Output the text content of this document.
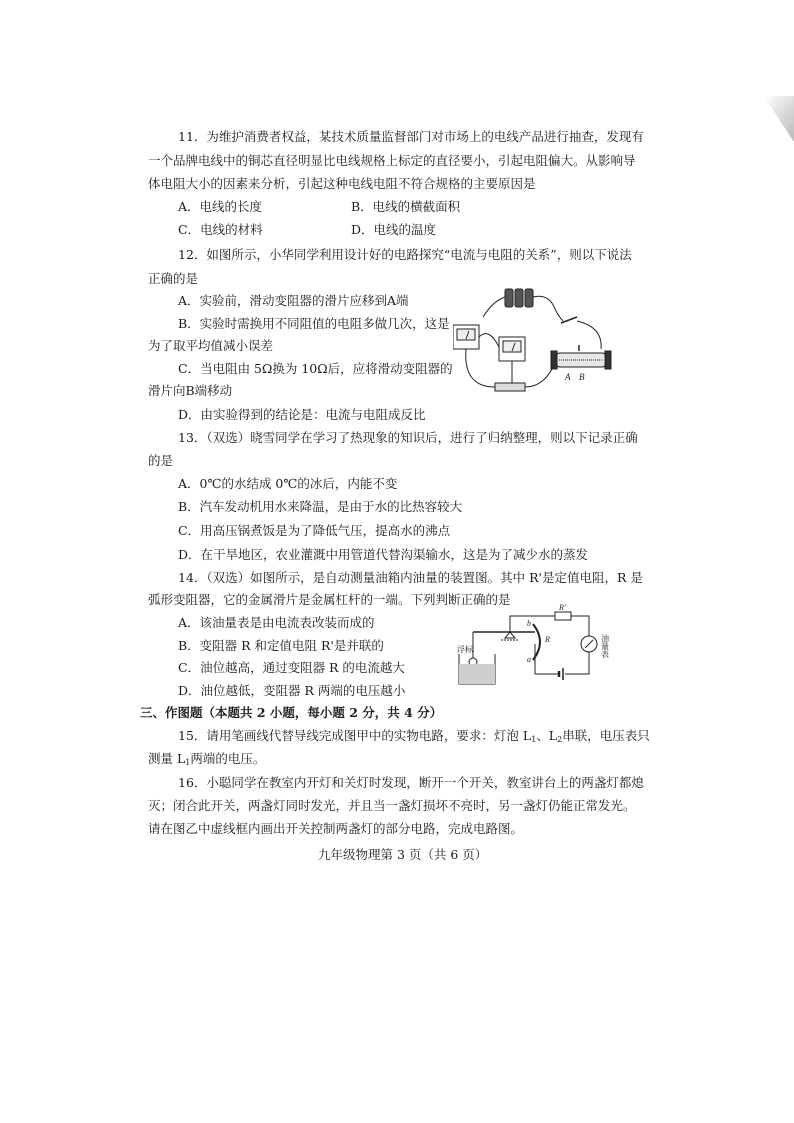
11．为维护消费者权益，某技术质量监督部门对市场上的电线产品进行抽查，发现有
一个品牌电线中的铜芯直径明显比电线规格上标定的直径要小，引起电阻偏大。从影响导
体电阻大小的因素来分析，引起这种电线电阻不符合规格的主要原因是
A．电线的长度	B．电线的横截面积
C．电线的材料	D．电线的温度
12．如图所示，小华同学利用设计好的电路探究“电流与电阻的关系”，则以下说法
正确的是
A．实验前，滑动变阻器的滑片应移到A端
B．实验时需换用不同阻值的电阻多做几次，这是
为了取平均值减小误差
C．当电阻由 5Ω换为 10Ω后，应将滑动变阻器的
滑片向B端移动
D．由实验得到的结论是：电流与电阻成反比
13．（双选）晓雪同学在学习了热现象的知识后，进行了归纳整理，则以下记录正确
的是
A．0℃的水结成 0℃的冰后，内能不变
B．汽车发动机用水来降温，是由于水的比热容较大
C．用高压锅煮饭是为了降低气压，提高水的沸点
D．在干旱地区，农业灌溉中用管道代替沟渠输水，这是为了减少水的蒸发
14．（双选）如图所示，是自动测量油箱内油量的装置图。其中 R'是定值电阻，R 是
弧形变阻器，它的金属滑片是金属杠杆的一端。下列判断正确的是
A．该油量表是由电流表改装而成的
B．变阻器 R 和定值电阻 R'是并联的
C．油位越高，通过变阻器 R 的电流越大
D．油位越低，变阻器 R 两端的电压越小
三、作图题（本题共 2 小题，每小题 2 分，共 4 分）
15．请用笔画线代替导线完成图甲中的实物电路，要求：灯泡 $L_1$、$L_2$串联，电压表只
测量 $L_1$两端的电压。
16．小聪同学在教室内开灯和关灯时发现，断开一个开关，教室讲台上的两盏灯都熄
灭；闭合此开关，两盏灯同时发光，并且当一盏灯损坏不亮时，另一盏灯仍能正常发光。
请在图乙中虚线框内画出开关控制两盏灯的部分电路，完成电路图。
九年级物理第 3 页（共 6 页）
A B
R'
b
R
a
浮标	油量表
